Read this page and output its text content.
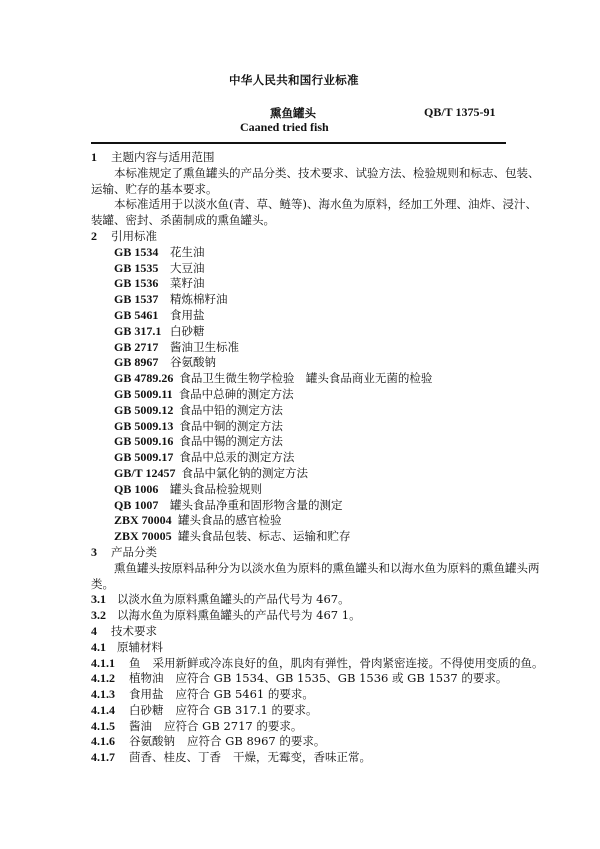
中华人民共和国行业标准
熏鱼罐头	QB/T 1375-91
Caaned tried fish
1 主题内容与适用范围
本标准规定了熏鱼罐头的产品分类、技术要求、试验方法、检验规则和标志、包装、
运输、贮存的基本要求。
本标准适用于以淡水鱼(青、草、鲢等)、海水鱼为原料，经加工外理、油炸、浸汁、
装罐、密封、杀菌制成的熏鱼罐头。
2 引用标准
GB 1534 花生油
GB 1535 大豆油
GB 1536 菜籽油
GB 1537 精炼棉籽油
GB 5461 食用盐
GB 317.1 白砂糖
GB 2717 酱油卫生标准
GB 8967 谷氨酸钠
GB 4789.26 食品卫生微生物学检验　罐头食品商业无菌的检验
GB 5009.11 食品中总砷的测定方法
GB 5009.12 食品中铅的测定方法
GB 5009.13 食品中铜的测定方法
GB 5009.16 食品中锡的测定方法
GB 5009.17 食品中总汞的测定方法
GB/T 12457 食品中氯化钠的测定方法
QB 1006 罐头食品检验规则
QB 1007 罐头食品净重和固形物含量的测定
ZBX 70004 罐头食品的感官检验
ZBX 70005 罐头食品包装、标志、运输和贮存
3 产品分类
熏鱼罐头按原料品种分为以淡水鱼为原料的熏鱼罐头和以海水鱼为原料的熏鱼罐头两
类。
3.1 以淡水鱼为原料熏鱼罐头的产品代号为 467。
3.2 以海水鱼为原料熏鱼罐头的产品代号为 467 1。
4 技术要求
4.1 原辅材料
4.1.1 鱼 采用新鲜或冷冻良好的鱼，肌肉有弹性，骨肉紧密连接。不得使用变质的鱼。
4.1.2 植物油 应符合 GB 1534、GB 1535、GB 1536 或 GB 1537 的要求。
4.1.3 食用盐 应符合 GB 5461 的要求。
4.1.4 白砂糖 应符合 GB 317.1 的要求。
4.1.5 酱油 应符合 GB 2717 的要求。
4.1.6 谷氨酸钠 应符合 GB 8967 的要求。
4.1.7 茴香、桂皮、丁香 干燥，无霉变，香味正常。
